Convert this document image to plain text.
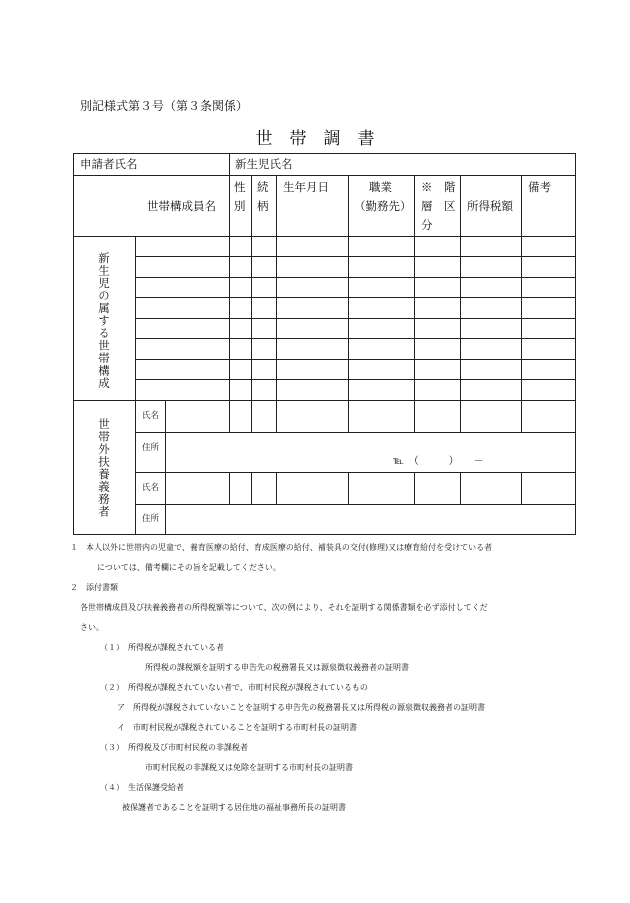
別記様式第３号（第３条関係）
世帯調書
申請者氏名	新生児氏名
世帯構成員名
性
別
続
柄
生年月日	職業
（勤務先）
※　階
層　区
分
所得税額
備考
新生児の属する世帯構成
世帯外扶養義務者
氏名
住所
℡　（　　　）　　－
氏名
住所
１　本人以外に世帯内の児童で、養育医療の給付、育成医療の給付、補装具の交付(修理)又は療育給付を受けている者
については、備考欄にその旨を記載してください。
２　添付書類
各世帯構成員及び扶養義務者の所得税額等について、次の例により、それを証明する関係書類を必ず添付してくだ
さい。
（１）　所得税が課税されている者
所得税の課税額を証明する申告先の税務署長又は源泉徴収義務者の証明書
（２）　所得税が課税されていない者で、市町村民税が課税されているもの
ア　所得税が課税されていないことを証明する申告先の税務署長又は所得税の源泉徴収義務者の証明書
イ　市町村民税が課税されていることを証明する市町村長の証明書
（３）　所得税及び市町村民税の非課税者
市町村民税の非課税又は免除を証明する市町村長の証明書
（４）　生活保護受給者
被保護者であることを証明する居住地の福祉事務所長の証明書
